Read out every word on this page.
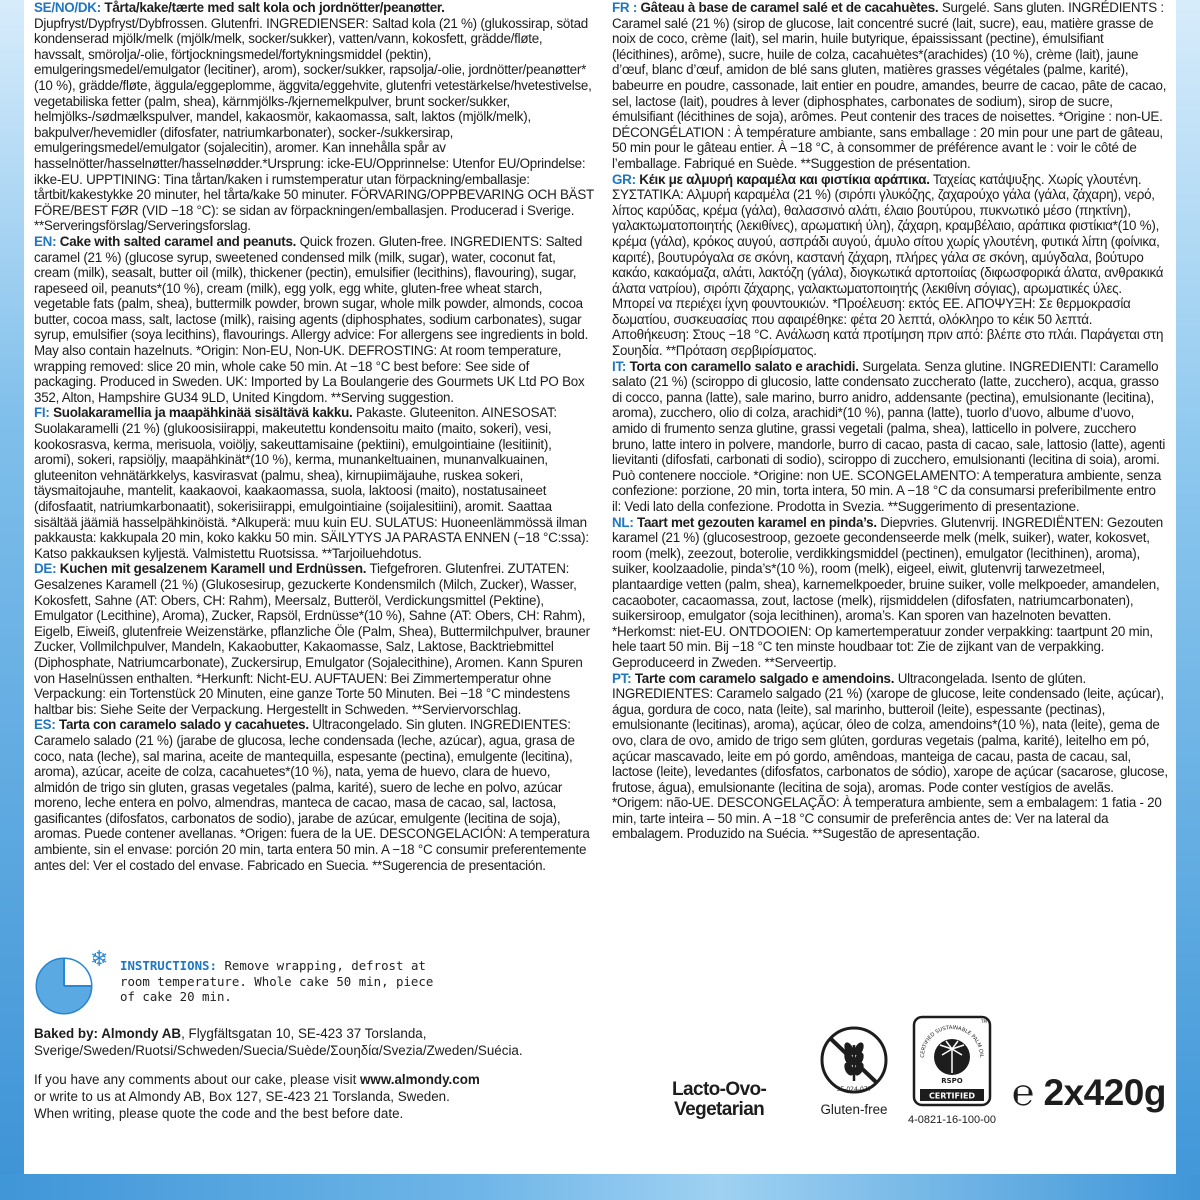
SE/NO/DK: Tårta/kake/tærte med salt kola och jordnötter/peanøtter. Djupfryst/Dypfryst/Dybfrossen. Glutenfri. INGREDIENSER: Saltad kola (21 %) (glukossirap, sötad kondenserad mjölk/melk (mjölk/melk, socker/sukker), vatten/vann, kokosfett, grädde/fløte, havssalt, smörolja/-olie, förtjockningsmedel/fortykningsmiddel (pektin), emulgeringsmedel/emulgator (lecitiner), arom), socker/sukker, rapsolja/-olie, jordnötter/peanøtter*(10 %), grädde/fløte, äggula/eggeplomme, äggvita/eggehvite, glutenfri vetestärkelse/hvetestivelse, vegetabiliska fetter (palm, shea), kärnmjölks-/kjernemelkpulver, brunt socker/sukker, helmjölks-/sødmælkspulver, mandel, kakaosmör, kakaomassa, salt, laktos (mjölk/melk), bakpulver/hevemidler (difosfater, natriumkarbonater), socker-/sukkersirap, emulgeringsmedel/emulgator (sojalecitin), aromer. Kan innehålla spår av hasselnötter/hasselnøtter/hasselnødder.*Ursprung: icke-EU/Opprinnelse: Utenfor EU/Oprindelse: ikke-EU. UPPTINING: Tina tårtan/kaken i rumstemperatur utan förpackning/emballasje: tårtbit/kakestykke 20 minuter, hel tårta/kake 50 minuter. FÖRVARING/OPPBEVARING OCH BÄST FÖRE/BEST FØR (VID −18 °C): se sidan av förpackningen/emballasjen. Producerad i Sverige. **Serveringsförslag/Serveringsforslag.

EN: Cake with salted caramel and peanuts. Quick frozen. Gluten-free. INGREDIENTS: Salted caramel (21 %) (glucose syrup, sweetened condensed milk (milk, sugar), water, coconut fat, cream (milk), seasalt, butter oil (milk), thickener (pectin), emulsifier (lecithins), flavouring), sugar, rapeseed oil, peanuts*(10 %), cream (milk), egg yolk, egg white, gluten-free wheat starch, vegetable fats (palm, shea), buttermilk powder, brown sugar, whole milk powder, almonds, cocoa butter, cocoa mass, salt, lactose (milk), raising agents (diphosphates, sodium carbonates), sugar syrup, emulsifier (soya lecithins), flavourings. Allergy advice: For allergens see ingredients in bold. May also contain hazelnuts. *Origin: Non-EU, Non-UK. DEFROSTING: At room temperature, wrapping removed: slice 20 min, whole cake 50 min. At −18 °C best before: See side of packaging. Produced in Sweden. UK: Imported by La Boulangerie des Gourmets UK Ltd PO Box 352, Alton, Hampshire GU34 9LD, United Kingdom. **Serving suggestion.

FI: Suolakaramellia ja maapähkinää sisältävä kakku. Pakaste. Gluteeniton. AINESOSAT: Suolakaramelli (21 %) (glukoosisiirappi, makeutettu kondensoitu maito (maito, sokeri), vesi, kookosrasva, kerma, merisuola, voiöljy, sakeuttamisaine (pektiini), emulgointiaine (lesitiinit), aromi), sokeri, rapsiöljy, maapähkinät*(10 %), kerma, munankeltuainen, munanvalkuainen, gluteeniton vehnätärkkelys, kasvirasvat (palmu, shea), kirnupiimäjauhe, ruskea sokeri, täysmaitojauhe, mantelit, kaakaovoi, kaakaomassa, suola, laktoosi (maito), nostatusaineet (difosfaatit, natriumkarbonaatit), sokerisiirappi, emulgointiaine (soijalesitiini), aromit. Saattaa sisältää jäämiä hasselpähkinöistä. *Alkuperä: muu kuin EU. SULATUS: Huoneenlämmössä ilman pakkausta: kakkupala 20 min, koko kakku 50 min. SÄILYTYS JA PARASTA ENNEN (−18 °C:ssa): Katso pakkauksen kyljestä. Valmistettu Ruotsissa. **Tarjoiluehdotus.

DE: Kuchen mit gesalzenem Karamell und Erdnüssen. Tiefgefroren. Glutenfrei. ZUTATEN: Gesalzenes Karamell (21 %) (Glukosesirup, gezuckerte Kondensmilch (Milch, Zucker), Wasser, Kokosfett, Sahne (AT: Obers, CH: Rahm), Meersalz, Butteröl, Verdickungsmittel (Pektine), Emulgator (Lecithine), Aroma), Zucker, Rapsöl, Erdnüsse*(10 %), Sahne (AT: Obers, CH: Rahm), Eigelb, Eiweiß, glutenfreie Weizenstärke, pflanzliche Öle (Palm, Shea), Buttermilchpulver, brauner Zucker, Vollmilchpulver, Mandeln, Kakaobutter, Kakaomasse, Salz, Laktose, Backtriebmittel (Diphosphate, Natriumcarbonate), Zuckersirup, Emulgator (Sojalecithine), Aromen. Kann Spuren von Haselnüssen enthalten. *Herkunft: Nicht-EU. AUFTAUEN: Bei Zimmertemperatur ohne Verpackung: ein Tortenstück 20 Minuten, eine ganze Torte 50 Minuten. Bei −18 °C mindestens haltbar bis: Siehe Seite der Verpackung. Hergestellt in Schweden. **Serviervorschlag.

ES: Tarta con caramelo salado y cacahuetes. Ultracongelado. Sin gluten. INGREDIENTES: Caramelo salado (21 %) (jarabe de glucosa, leche condensada (leche, azúcar), agua, grasa de coco, nata (leche), sal marina, aceite de mantequilla, espesante (pectina), emulgente (lecitina), aroma), azúcar, aceite de colza, cacahuetes*(10 %), nata, yema de huevo, clara de huevo, almidón de trigo sin gluten, grasas vegetales (palma, karité), suero de leche en polvo, azúcar moreno, leche entera en polvo, almendras, manteca de cacao, masa de cacao, sal, lactosa, gasificantes (difosfatos, carbonatos de sodio), jarabe de azúcar, emulgente (lecitina de soja), aromas. Puede contener avellanas. *Origen: fuera de la UE. DESCONGELACIÓN: A temperatura ambiente, sin el envase: porción 20 min, tarta entera 50 min. A −18 °C consumir preferentemente antes del: Ver el costado del envase. Fabricado en Suecia. **Sugerencia de presentación.

FR : Gâteau à base de caramel salé et de cacahuètes. Surgelé. Sans gluten. INGRÉDIENTS : Caramel salé (21 %) (sirop de glucose, lait concentré sucré (lait, sucre), eau, matière grasse de noix de coco, crème (lait), sel marin, huile butyrique, épaississant (pectine), émulsifiant (lécithines), arôme), sucre, huile de colza, cacahuètes*(arachides) (10 %), crème (lait), jaune d’œuf, blanc d’œuf, amidon de blé sans gluten, matières grasses végétales (palme, karité), babeurre en poudre, cassonade, lait entier en poudre, amandes, beurre de cacao, pâte de cacao, sel, lactose (lait), poudres à lever (diphosphates, carbonates de sodium), sirop de sucre, émulsifiant (lécithines de soja), arômes. Peut contenir des traces de noisettes. *Origine : non-UE. DÉCONGÉLATION : À température ambiante, sans emballage : 20 min pour une part de gâteau, 50 min pour le gâteau entier. À −18 °C, à consommer de préférence avant le : voir le côté de l’emballage. Fabriqué en Suède. **Suggestion de présentation.

GR: Κέικ με αλμυρή καραμέλα και φιστίκια αράπικα. Ταχείας κατάψυξης. Χωρίς γλουτένη. ΣΥΣΤΑΤΙΚΑ: Αλμυρή καραμέλα (21 %) (σιρόπι γλυκόζης, ζαχαρούχο γάλα (γάλα, ζάχαρη), νερό, λίπος καρύδας, κρέμα (γάλα), θαλασσινό αλάτι, έλαιο βουτύρου, πυκνωτικό μέσο (πηκτίνη), γαλακτωματοποιητής (λεκιθίνες), αρωματική ύλη), ζάχαρη, κραμβέλαιο, αράπικα φιστίκια*(10 %), κρέμα (γάλα), κρόκος αυγού, ασπράδι αυγού, άμυλο σίτου χωρίς γλουτένη, φυτικά λίπη (φοίνικα, καριτέ), βουτυρόγαλα σε σκόνη, καστανή ζάχαρη, πλήρες γάλα σε σκόνη, αμύγδαλα, βούτυρο κακάο, κακαόμαζα, αλάτι, λακτόζη (γάλα), διογκωτικά αρτοποιίας (διφωσφορικά άλατα, ανθρακικά άλατα νατρίου), σιρόπι ζάχαρης, γαλακτωματοποιητής (λεκιθίνη σόγιας), αρωματικές ύλες. Μπορεί να περιέχει ίχνη φουντουκιών. *Προέλευση: εκτός ΕΕ. ΑΠΟΨΥΞΗ: Σε θερμοκρασία δωματίου, συσκευασίας που αφαιρέθηκε: φέτα 20 λεπτά, ολόκληρο το κέικ 50 λεπτά. Αποθήκευση: Στους −18 °C. Ανάλωση κατά προτίμηση πριν από: βλέπε στο πλάι. Παράγεται στη Σουηδία. **Πρόταση σερβιρίσματος.

IT: Torta con caramello salato e arachidi. Surgelata. Senza glutine. INGREDIENTI: Caramello salato (21 %) (sciroppo di glucosio, latte condensato zuccherato (latte, zucchero), acqua, grasso di cocco, panna (latte), sale marino, burro anidro, addensante (pectina), emulsionante (lecitina), aroma), zucchero, olio di colza, arachidi*(10 %), panna (latte), tuorlo d’uovo, albume d’uovo, amido di frumento senza glutine, grassi vegetali (palma, shea), latticello in polvere, zucchero bruno, latte intero in polvere, mandorle, burro di cacao, pasta di cacao, sale, lattosio (latte), agenti lievitanti (difosfati, carbonati di sodio), sciroppo di zucchero, emulsionanti (lecitina di soia), aromi. Può contenere nocciole. *Origine: non UE. SCONGELAMENTO: A temperatura ambiente, senza confezione: porzione, 20 min, torta intera, 50 min. A −18 °C da consumarsi preferibilmente entro il: Vedi lato della confezione. Prodotta in Svezia. **Suggerimento di presentazione.

NL: Taart met gezouten karamel en pinda’s. Diepvries. Glutenvrij. INGREDIËNTEN: Gezouten karamel (21 %) (glucosestroop, gezoete gecondenseerde melk (melk, suiker), water, kokosvet, room (melk), zeezout, boterolie, verdikkingsmiddel (pectinen), emulgator (lecithinen), aroma), suiker, koolzaadolie, pinda’s*(10 %), room (melk), eigeel, eiwit, glutenvrij tarwezetmeel, plantaardige vetten (palm, shea), karnemelkpoeder, bruine suiker, volle melkpoeder, amandelen, cacaoboter, cacaomassa, zout, lactose (melk), rijsmiddelen (difosfaten, natriumcarbonaten), suikersiroop, emulgator (soja lecithinen), aroma’s. Kan sporen van hazelnoten bevatten. *Herkomst: niet-EU. ONTDOOIEN: Op kamertemperatuur zonder verpakking: taartpunt 20 min, hele taart 50 min. Bij −18 °C ten minste houdbaar tot: Zie de zijkant van de verpakking. Geproduceerd in Zweden. **Serveertip.

PT: Tarte com caramelo salgado e amendoins. Ultracongelada. Isento de glúten. INGREDIENTES: Caramelo salgado (21 %) (xarope de glucose, leite condensado (leite, açúcar), água, gordura de coco, nata (leite), sal marinho, butteroil (leite), espessante (pectinas), emulsionante (lecitinas), aroma), açúcar, óleo de colza, amendoins*(10 %), nata (leite), gema de ovo, clara de ovo, amido de trigo sem glúten, gorduras vegetais (palma, karité), leitelho em pó, açúcar mascavado, leite em pó gordo, amêndoas, manteiga de cacau, pasta de cacau, sal, lactose (leite), levedantes (difosfatos, carbonatos de sódio), xarope de açúcar (sacarose, glucose, frutose, água), emulsionante (lecitina de soja), aromas. Pode conter vestígios de avelãs. *Origem: não-UE. DESCONGELAÇÃO: À temperatura ambiente, sem a embalagem: 1 fatia - 20 min, tarte inteira – 50 min. A −18 °C consumir de preferência antes de: Ver na lateral da embalagem. Produzido na Suécia. **Sugestão de apresentação.

❄ INSTRUCTIONS: Remove wrapping, defrost at room temperature. Whole cake 50 min, piece of cake 20 min.
Baked by: Almondy AB, Flygfältsgatan 10, SE-423 37 Torslanda, Sverige/Sweden/Ruotsi/Schweden/Suecia/Suède/Σουηδία/Svezia/Zweden/Suécia.
If you have any comments about our cake, please visit www.almondy.com
or write to us at Almondy AB, Box 127, SE-423 21 Torslanda, Sweden.
When writing, please quote the code and the best before date.
Lacto-Ovo-
Vegetarian
SE-024-077
Gluten-free
CERTIFIED SUSTAINABLE PALM OIL
RSPO
CERTIFIED
TM
4-0821-16-100-00
℮ 2x420g
